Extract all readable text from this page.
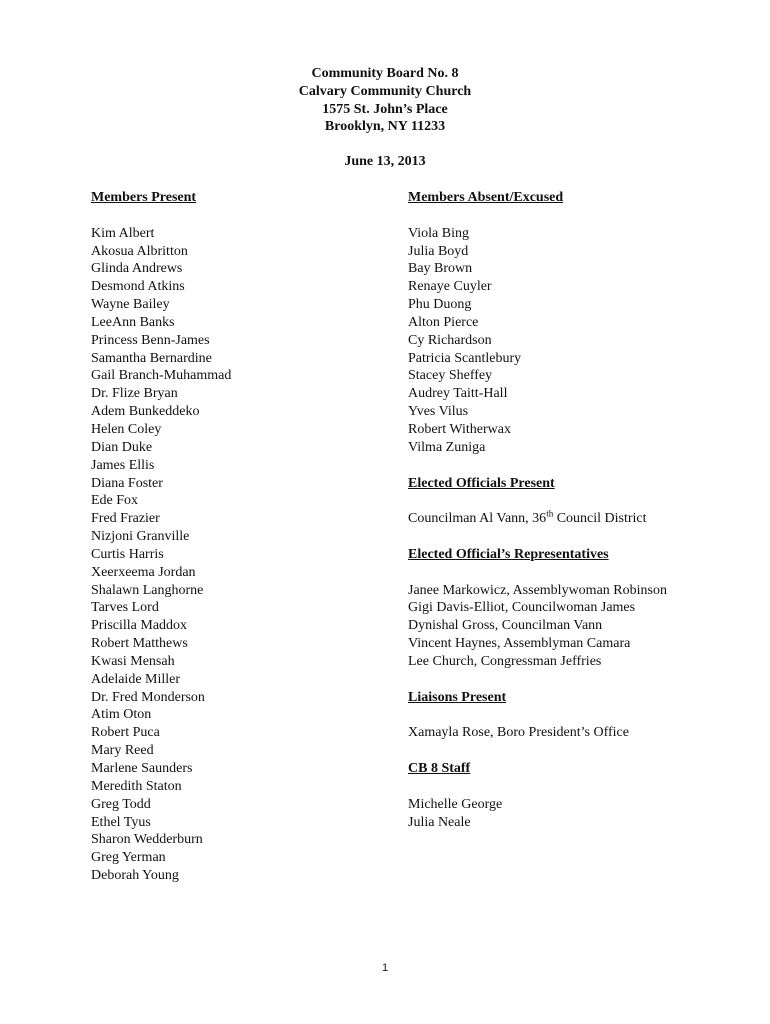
Community Board No. 8
Calvary Community Church
1575 St. John’s Place
Brooklyn, NY 11233
June 13, 2013
Members Present
Kim Albert
Akosua Albritton
Glinda Andrews
Desmond Atkins
Wayne Bailey
LeeAnn Banks
Princess Benn-James
Samantha Bernardine
Gail Branch-Muhammad
Dr. Flize Bryan
Adem Bunkeddeko
Helen Coley
Dian Duke
James Ellis
Diana Foster
Ede Fox
Fred Frazier
Nizjoni Granville
Curtis Harris
Xeerxeema Jordan
Shalawn Langhorne
Tarves Lord
Priscilla Maddox
Robert Matthews
Kwasi Mensah
Adelaide Miller
Dr. Fred Monderson
Atim Oton
Robert Puca
Mary Reed
Marlene Saunders
Meredith Staton
Greg Todd
Ethel Tyus
Sharon Wedderburn
Greg Yerman
Deborah Young
Members Absent/Excused
Viola Bing
Julia Boyd
Bay Brown
Renaye Cuyler
Phu Duong
Alton Pierce
Cy Richardson
Patricia Scantlebury
Stacey Sheffey
Audrey Taitt-Hall
Yves Vilus
Robert Witherwax
Vilma Zuniga
Elected Officials Present
Councilman Al Vann, 36th Council District
Elected Official’s Representatives
Janee Markowicz, Assemblywoman Robinson
Gigi Davis-Elliot, Councilwoman James
Dynishal Gross, Councilman Vann
Vincent Haynes, Assemblyman Camara
Lee Church, Congressman Jeffries
Liaisons Present
Xamayla Rose, Boro President’s Office
CB 8 Staff
Michelle George
Julia Neale
1
